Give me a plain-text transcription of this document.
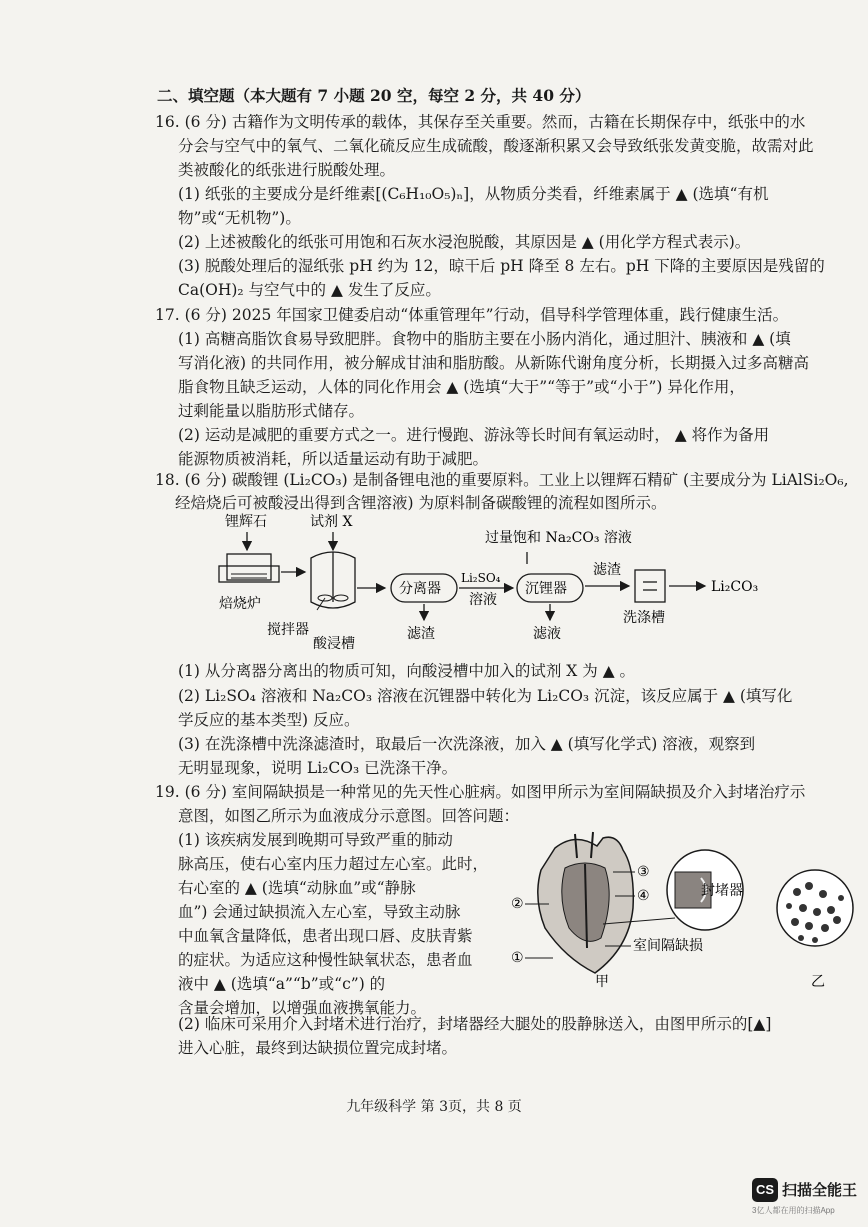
二、填空题（本大题有 7 小题 20 空，每空 2 分，共 40 分）
16. (6 分) 古籍作为文明传承的载体，其保存至关重要。然而，古籍在长期保存中，纸张中的水
分会与空气中的氧气、二氧化硫反应生成硫酸，酸逐渐积累又会导致纸张发黄变脆，故需对此
类被酸化的纸张进行脱酸处理。
(1) 纸张的主要成分是纤维素[(C₆H₁₀O₅)ₙ]，从物质分类看，纤维素属于 ▲ (选填“有机
物”或“无机物”)。
(2) 上述被酸化的纸张可用饱和石灰水浸泡脱酸，其原因是 ▲ (用化学方程式表示)。
(3) 脱酸处理后的湿纸张 pH 约为 12，晾干后 pH 降至 8 左右。pH 下降的主要原因是残留的
Ca(OH)₂ 与空气中的 ▲ 发生了反应。
17. (6 分) 2025 年国家卫健委启动“体重管理年”行动，倡导科学管理体重，践行健康生活。
(1) 高糖高脂饮食易导致肥胖。食物中的脂肪主要在小肠内消化，通过胆汁、胰液和 ▲ (填
写消化液) 的共同作用，被分解成甘油和脂肪酸。从新陈代谢角度分析，长期摄入过多高糖高
脂食物且缺乏运动，人体的同化作用会 ▲ (选填“大于”“等于”或“小于”) 异化作用，
过剩能量以脂肪形式储存。
(2) 运动是减肥的重要方式之一。进行慢跑、游泳等长时间有氧运动时， ▲ 将作为备用
能源物质被消耗，所以适量运动有助于减肥。
18. (6 分) 碳酸锂 (Li₂CO₃) 是制备锂电池的重要原料。工业上以锂辉石精矿 (主要成分为 LiAlSi₂O₆,
经焙烧后可被酸浸出得到含锂溶液) 为原料制备碳酸锂的流程如图所示。
锂辉石
焙烧炉
试剂 X
搅拌器
酸浸槽
分离器
滤渣
Li₂SO₄
溶液
过量饱和 Na₂CO₃ 溶液
沉锂器
滤液
滤渣
洗涤槽
Li₂CO₃
(1) 从分离器分离出的物质可知，向酸浸槽中加入的试剂 X 为 ▲ 。
(2) Li₂SO₄ 溶液和 Na₂CO₃ 溶液在沉锂器中转化为 Li₂CO₃ 沉淀，该反应属于 ▲ (填写化
学反应的基本类型) 反应。
(3) 在洗涤槽中洗涤滤渣时，取最后一次洗涤液，加入 ▲ (填写化学式) 溶液，观察到
无明显现象，说明 Li₂CO₃ 已洗涤干净。
19. (6 分) 室间隔缺损是一种常见的先天性心脏病。如图甲所示为室间隔缺损及介入封堵治疗示
意图，如图乙所示为血液成分示意图。回答问题：
(1) 该疾病发展到晚期可导致严重的肺动
脉高压，使右心室内压力超过左心室。此时，
右心室的 ▲ (选填“动脉血”或“静脉
血”) 会通过缺损流入左心室，导致主动脉
中血氧含量降低，患者出现口唇、皮肤青紫
的症状。为适应这种慢性缺氧状态，患者血
液中 ▲ (选填“a”“b”或“c”) 的
含量会增加，以增强血液携氧能力。
②
①
③
④	封堵器
室间隔缺损
甲	乙
(2) 临床可采用介入封堵术进行治疗，封堵器经大腿处的股静脉送入，由图甲所示的[▲]
进入心脏，最终到达缺损位置完成封堵。
九年级科学 第 3页，共 8 页
CS 扫描全能王
3亿人都在用的扫描App
